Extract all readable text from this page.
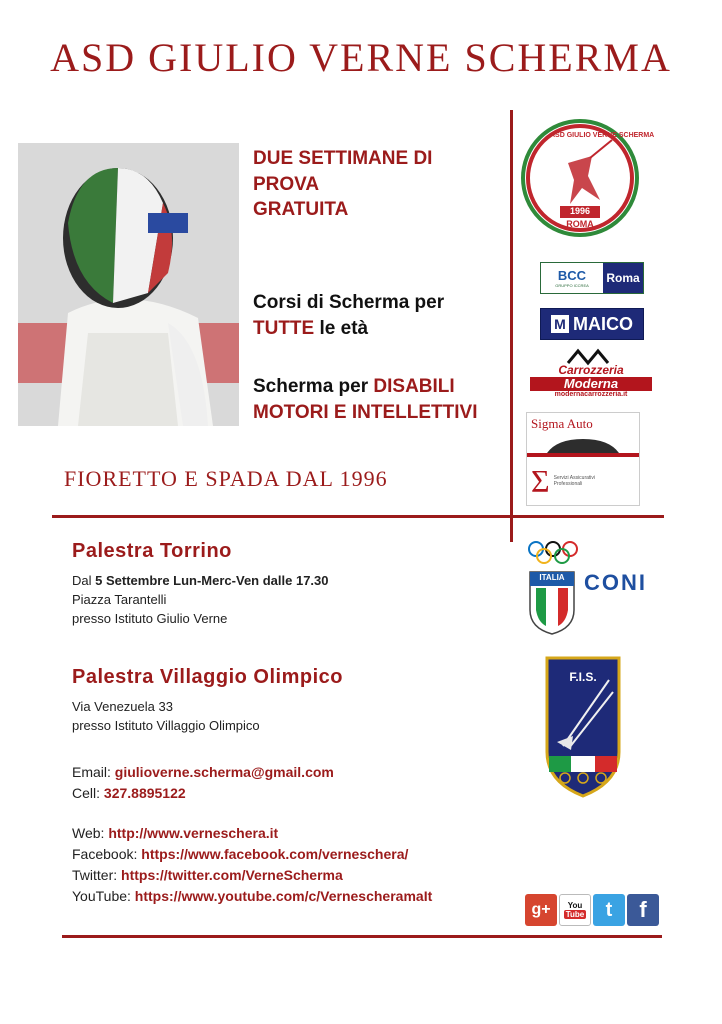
ASD GIULIO VERNE SCHERMA
DUE SETTIMANE DI
PROVA
GRATUITA
Corsi di Scherma per
TUTTE le età
Scherma per DISABILI
MOTORI E INTELLETTIVI
FIORETTO E SPADA DAL 1996
ASD GIULIO VERNE SCHERMA
1996
ROMA
BCC
GRUPPO ICCREA
Roma
M MAICO
Carrozzeria
Moderna
modernacarrozzeria.it
Sigma Auto
Σ Servizi Assicurativi Professionali
ITALIA CONI
F.I.S.
Palestra Torrino
Dal 5 Settembre Lun-Merc-Ven dalle 17.30
Piazza Tarantelli
presso Istituto Giulio Verne
Palestra Villaggio Olimpico
Via Venezuela 33
presso Istituto Villaggio Olimpico
Email: giulioverne.scherma@gmail.com
Cell: 327.8895122
Web: http://www.verneschera.it
Facebook: https://www.facebook.com/verneschera/
Twitter: https://twitter.com/VerneScherma
YouTube: https://www.youtube.com/c/VernescheramaIt
g+	You
Tube	t	f
